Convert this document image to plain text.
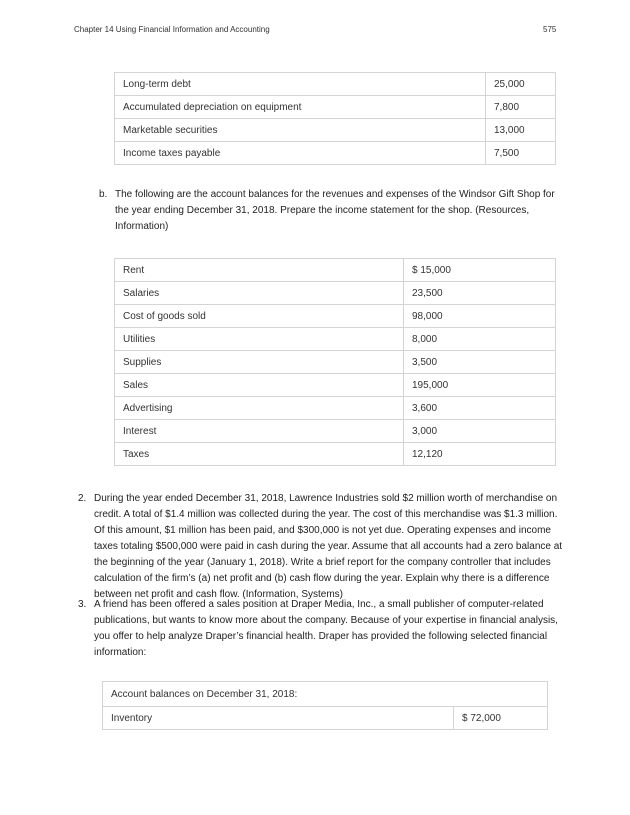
Chapter 14 Using Financial Information and Accounting	575
Long-term debt	25,000
Accumulated depreciation on equipment	7,800
Marketable securities	13,000
Income taxes payable	7,500
b. The following are the account balances for the revenues and expenses of the Windsor Gift Shop for the year ending December 31, 2018. Prepare the income statement for the shop. (Resources, Information)
Rent	$ 15,000
Salaries	23,500
Cost of goods sold	98,000
Utilities	8,000
Supplies	3,500
Sales	195,000
Advertising	3,600
Interest	3,000
Taxes	12,120
2. During the year ended December 31, 2018, Lawrence Industries sold $2 million worth of merchandise on credit. A total of $1.4 million was collected during the year. The cost of this merchandise was $1.3 million. Of this amount, $1 million has been paid, and $300,000 is not yet due. Operating expenses and income taxes totaling $500,000 were paid in cash during the year. Assume that all accounts had a zero balance at the beginning of the year (January 1, 2018). Write a brief report for the company controller that includes calculation of the firm’s (a) net profit and (b) cash flow during the year. Explain why there is a difference between net profit and cash flow. (Information, Systems)
3. A friend has been offered a sales position at Draper Media, Inc., a small publisher of computer-related publications, but wants to know more about the company. Because of your expertise in financial analysis, you offer to help analyze Draper’s financial health. Draper has provided the following selected financial information:
Account balances on December 31, 2018:
Inventory	$ 72,000
